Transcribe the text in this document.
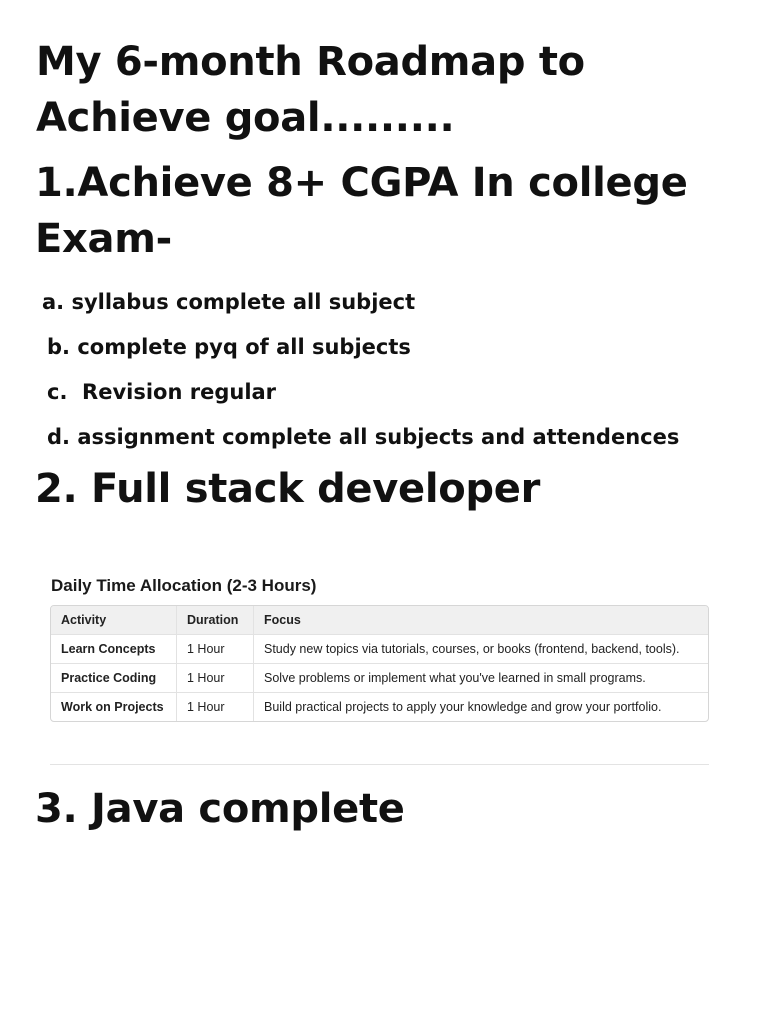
My 6-month Roadmap to Achieve goal.........
1.Achieve 8+ CGPA In college Exam-
a. syllabus complete all subject
b. complete pyq of all subjects
c.  Revision regular
d. assignment complete all subjects and attendences
2. Full stack developer
Daily Time Allocation (2-3 Hours)
Activity	Duration	Focus
Learn Concepts	1 Hour	Study new topics via tutorials, courses, or books (frontend, backend, tools).
Practice Coding	1 Hour	Solve problems or implement what you've learned in small programs.
Work on Projects	1 Hour	Build practical projects to apply your knowledge and grow your portfolio.
3. Java complete
